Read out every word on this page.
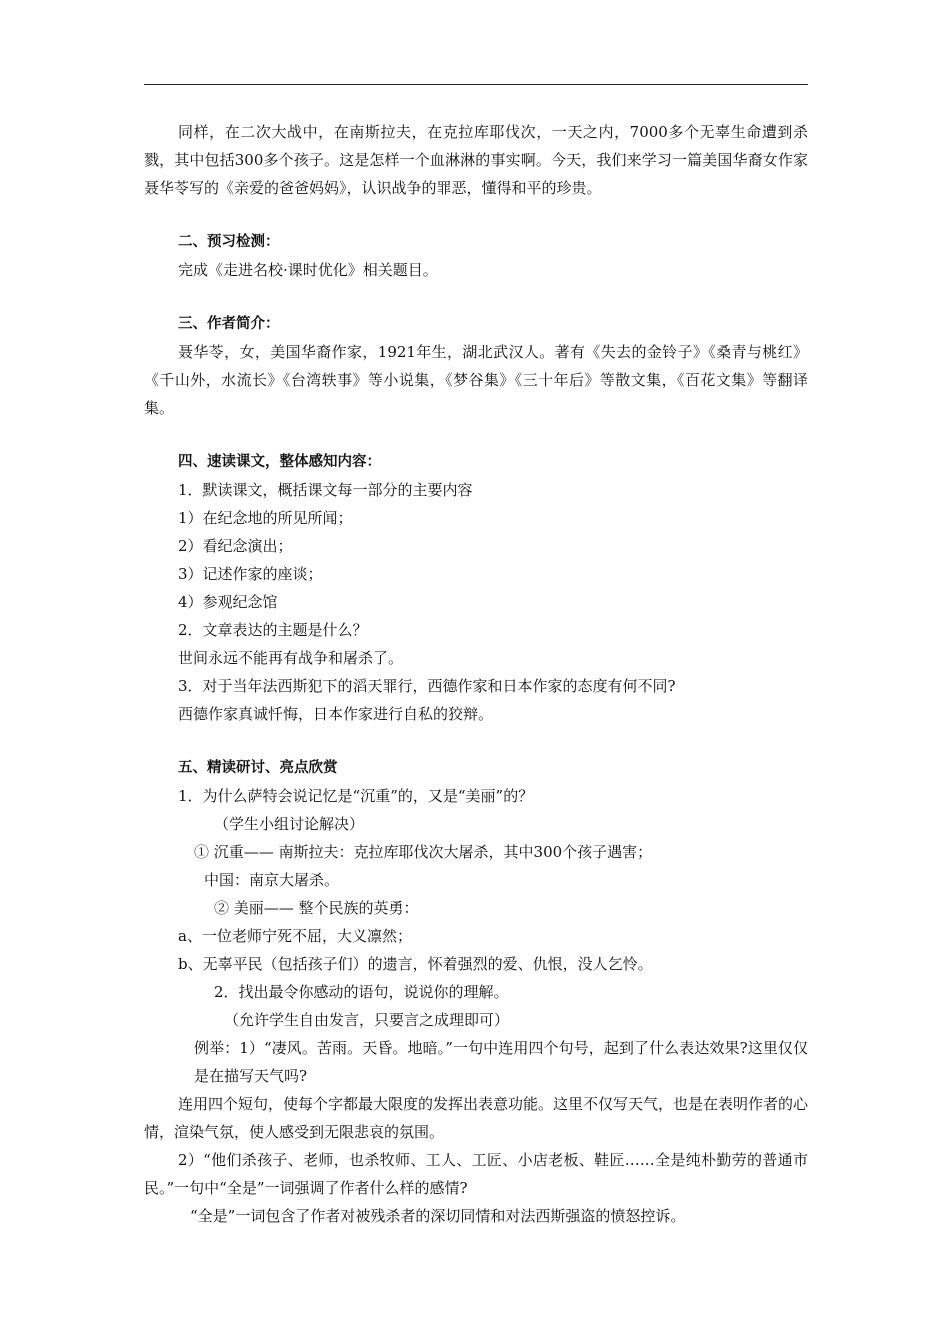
同样，在二次大战中，在南斯拉夫，在克拉库耶伐次，一天之内，7000多个无辜生命遭到杀戮，其中包括300多个孩子。这是怎样一个血淋淋的事实啊。今天，我们来学习一篇美国华裔女作家聂华苓写的《亲爱的爸爸妈妈》，认识战争的罪恶，懂得和平的珍贵。

二、预习检测：

完成《走进名校·课时优化》相关题目。

三、作者简介：

聂华苓，女，美国华裔作家，1921年生，湖北武汉人。著有《失去的金铃子》《桑青与桃红》《千山外，水流长》《台湾轶事》等小说集，《梦谷集》《三十年后》等散文集，《百花文集》等翻译集。

四、速读课文，整体感知内容：

1．默读课文，概括课文每一部分的主要内容

1）在纪念地的所见所闻；

2）看纪念演出；

3）记述作家的座谈；

4）参观纪念馆

2．文章表达的主题是什么？

世间永远不能再有战争和屠杀了。

3．对于当年法西斯犯下的滔天罪行，西德作家和日本作家的态度有何不同?

西德作家真诚忏悔，日本作家进行自私的狡辩。

五、精读研讨、亮点欣赏

1．为什么萨特会说记忆是“沉重”的，又是“美丽”的？

（学生小组讨论解决）

① 沉重—— 南斯拉夫：克拉库耶伐次大屠杀，其中300个孩子遇害；

中国：南京大屠杀。

② 美丽—— 整个民族的英勇：

a、一位老师宁死不屈，大义凛然；

b、无辜平民（包括孩子们）的遗言，怀着强烈的爱、仇恨，没人乞怜。

2．找出最令你感动的语句，说说你的理解。

（允许学生自由发言，只要言之成理即可）

例举：1）“凄风。苦雨。天昏。地暗。”一句中连用四个句号，起到了什么表达效果?这里仅仅是在描写天气吗?

连用四个短句，使每个字都最大限度的发挥出表意功能。这里不仅写天气，也是在表明作者的心情，渲染气氛，使人感受到无限悲哀的氛围。

2）“他们杀孩子、老师，也杀牧师、工人、工匠、小店老板、鞋匠……全是纯朴勤劳的普通市民。”一句中“全是”一词强调了作者什么样的感情?

“全是”一词包含了作者对被残杀者的深切同情和对法西斯强盗的愤怒控诉。
